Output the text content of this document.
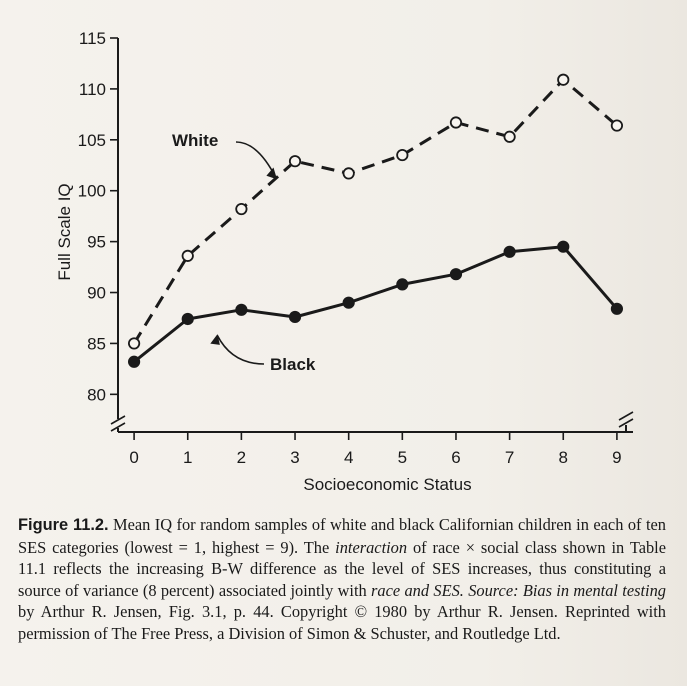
80
85
90
95
100
105
110
115
0	1	2	3	4	5	6	7	8	9
Socioeconomic Status
Full Scale IQ
White
Black
Figure 11.2. Mean IQ for random samples of white and black Californian children in each of ten SES categories (lowest = 1, highest = 9). The interaction of race × social class shown in Table 11.1 reflects the increasing B-W difference as the level of SES increases, thus constituting a source of variance (8 percent) associated jointly with race and SES. Source: Bias in mental testing by Arthur R. Jensen, Fig. 3.1, p. 44. Copyright © 1980 by Arthur R. Jensen. Reprinted with permission of The Free Press, a Division of Simon & Schuster, and Routledge Ltd.
